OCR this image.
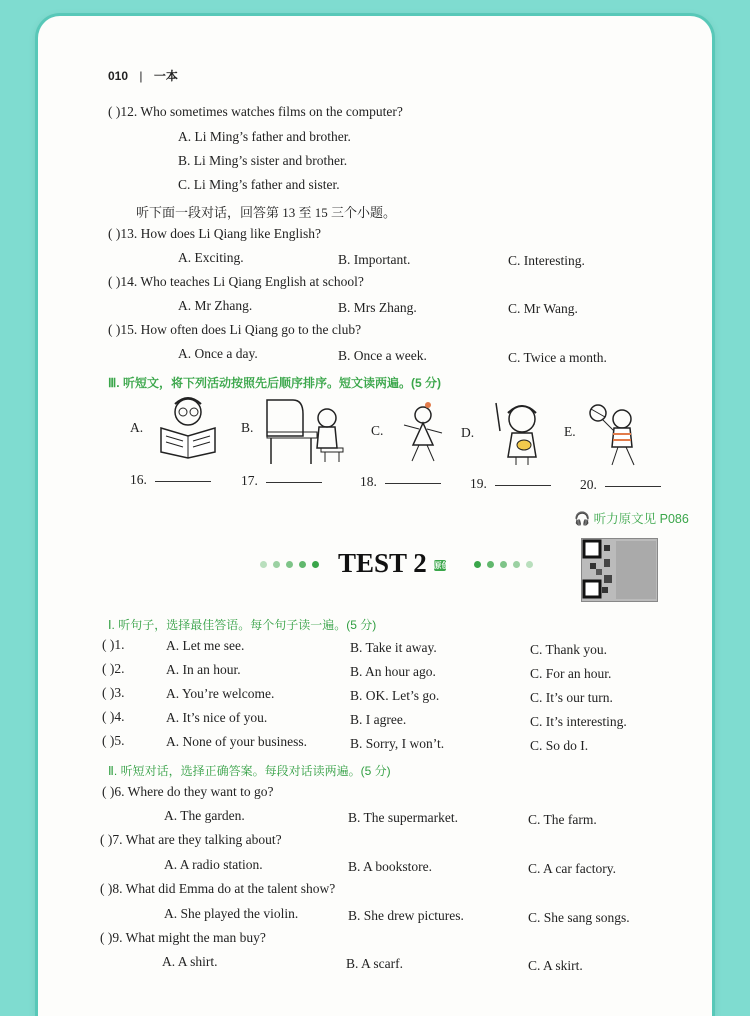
010 | 一本
( )12. Who sometimes watches films on the computer?
A. Li Ming’s father and brother.
B. Li Ming’s sister and brother.
C. Li Ming’s father and sister.
听下面一段对话，回答第 13 至 15 三个小题。
( )13. How does Li Qiang like English?
A. Exciting.	B. Important.	C. Interesting.
( )14. Who teaches Li Qiang English at school?
A. Mr Zhang.	B. Mrs Zhang.	C. Mr Wang.
( )15. How often does Li Qiang go to the club?
A. Once a day.	B. Once a week.	C. Twice a month.
Ⅲ. 听短文，将下列活动按照先后顺序排序。短文读两遍。(5 分)
A.	B.	C.	D.	E.
16.	17.	18.	19.	20.
🎧 听力原文见 P086
TEST 2 原创
Ⅰ. 听句子，选择最佳答语。每个句子读一遍。(5 分)
( )1.	A. Let me see.	B. Take it away.	C. Thank you.
( )2.	A. In an hour.	B. An hour ago.	C. For an hour.
( )3.	A. You’re welcome.	B. OK. Let’s go.	C. It’s our turn.
( )4.	A. It’s nice of you.	B. I agree.	C. It’s interesting.
( )5.	A. None of your business.	B. Sorry, I won’t.	C. So do I.
Ⅱ. 听短对话，选择正确答案。每段对话读两遍。(5 分)
( )6. Where do they want to go?
A. The garden.	B. The supermarket.	C. The farm.
( )7. What are they talking about?
A. A radio station.	B. A bookstore.	C. A car factory.
( )8. What did Emma do at the talent show?
A. She played the violin.	B. She drew pictures.	C. She sang songs.
( )9. What might the man buy?
A. A shirt.	B. A scarf.	C. A skirt.
